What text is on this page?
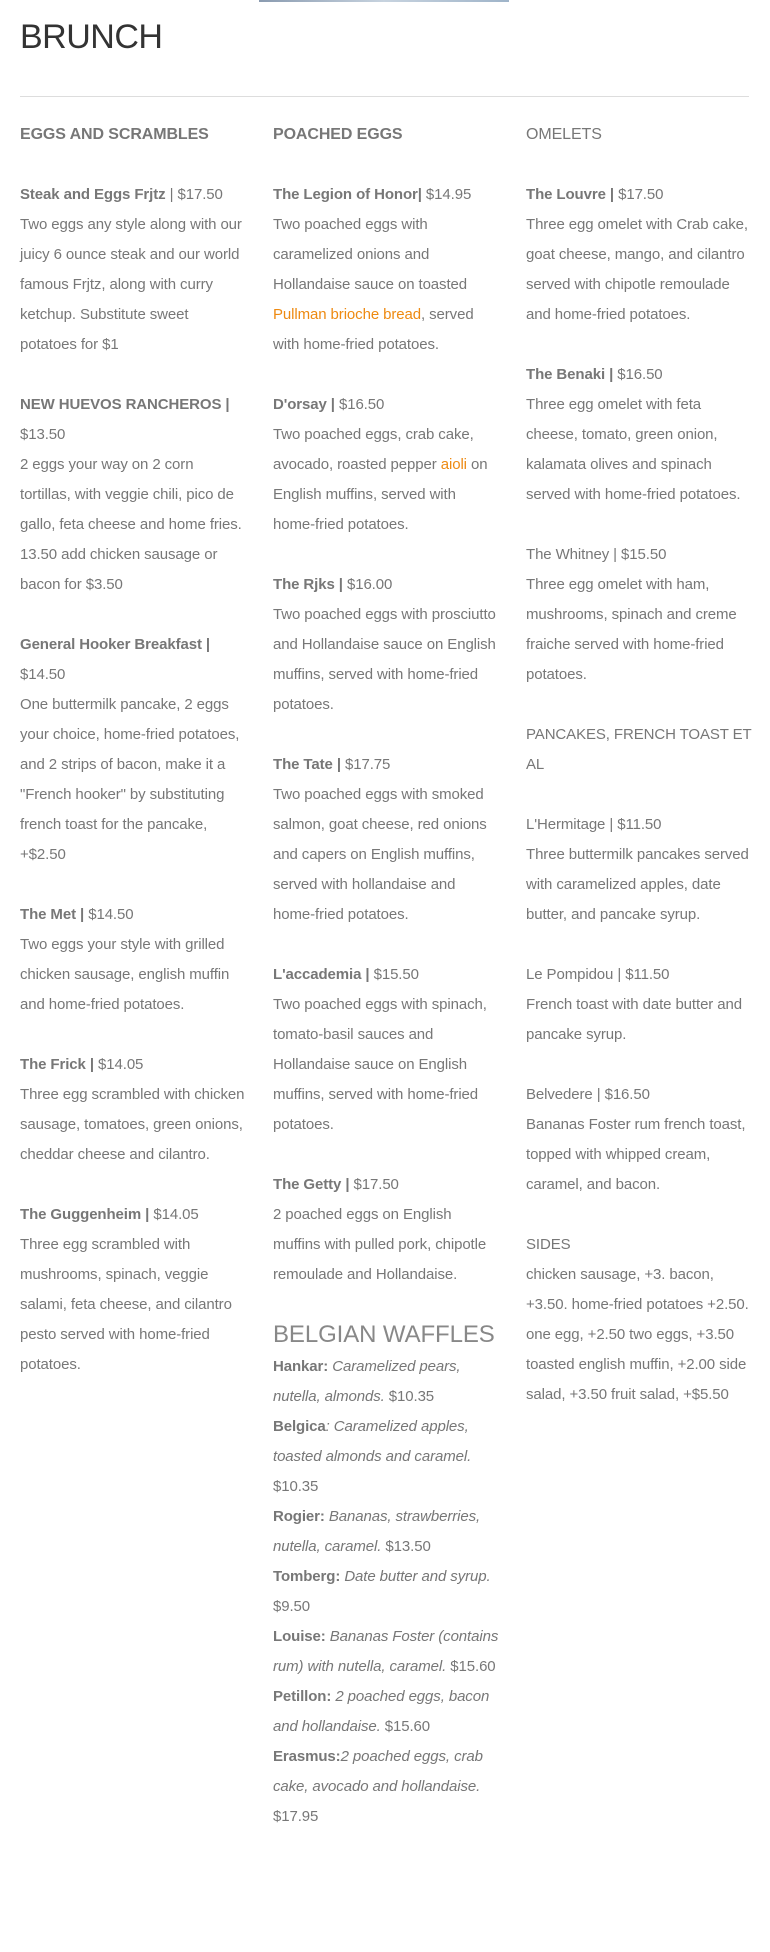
BRUNCH
EGGS AND SCRAMBLES
Steak and Eggs Frjtz | $17.50
Two eggs any style along with our juicy 6 ounce steak and our world famous Frjtz, along with curry ketchup. Substitute sweet potatoes for $1
NEW HUEVOS RANCHEROS | $13.50
2 eggs your way on 2 corn tortillas, with veggie chili, pico de gallo, feta cheese and home fries. 13.50 add chicken sausage or bacon for $3.50
General Hooker Breakfast | $14.50
One buttermilk pancake, 2 eggs your choice, home-fried potatoes, and 2 strips of bacon, make it a "French hooker" by substituting french toast for the pancake, +$2.50
The Met | $14.50
Two eggs your style with grilled chicken sausage, english muffin and home-fried potatoes.
The Frick | $14.05
Three egg scrambled with chicken sausage, tomatoes, green onions, cheddar cheese and cilantro.
The Guggenheim | $14.05
Three egg scrambled with mushrooms, spinach, veggie salami, feta cheese, and cilantro pesto served with home-fried potatoes.
POACHED EGGS
The Legion of Honor| $14.95
Two poached eggs with caramelized onions and Hollandaise sauce on toasted Pullman brioche bread, served with home-fried potatoes.
D'orsay | $16.50
Two poached eggs, crab cake, avocado, roasted pepper aioli on English muffins, served with home-fried potatoes.
The Rjks | $16.00
Two poached eggs with prosciutto and Hollandaise sauce on English muffins, served with home-fried potatoes.
The Tate | $17.75
Two poached eggs with smoked salmon, goat cheese, red onions and capers on English muffins, served with hollandaise and home-fried potatoes.
L'accademia | $15.50
Two poached eggs with spinach, tomato-basil sauces and Hollandaise sauce on English muffins, served with home-fried potatoes.
The Getty | $17.50
2 poached eggs on English muffins with pulled pork, chipotle remoulade and Hollandaise.
BELGIAN WAFFLES
Hankar: Caramelized pears, nutella, almonds. $10.35
Belgica: Caramelized apples, toasted almonds and caramel. $10.35
Rogier: Bananas, strawberries, nutella, caramel. $13.50
Tomberg: Date butter and syrup. $9.50
Louise: Bananas Foster (contains rum) with nutella, caramel. $15.60
Petillon: 2 poached eggs, bacon and hollandaise. $15.60
Erasmus:2 poached eggs, crab cake, avocado and hollandaise. $17.95
OMELETS
The Louvre | $17.50
Three egg omelet with Crab cake, goat cheese, mango, and cilantro served with chipotle remoulade and home-fried potatoes.
The Benaki | $16.50
Three egg omelet with feta cheese, tomato, green onion, kalamata olives and spinach served with home-fried potatoes.
The Whitney | $15.50
Three egg omelet with ham, mushrooms, spinach and creme fraiche served with home-fried potatoes.
PANCAKES, FRENCH TOAST ET AL
L'Hermitage | $11.50
Three buttermilk pancakes served with caramelized apples, date butter, and pancake syrup.
Le Pompidou | $11.50
French toast with date butter and pancake syrup.
Belvedere | $16.50
Bananas Foster rum french toast, topped with whipped cream, caramel, and bacon.
SIDES
chicken sausage, +3. bacon, +3.50. home-fried potatoes +2.50. one egg, +2.50 two eggs, +3.50 toasted english muffin, +2.00 side salad, +3.50 fruit salad, +$5.50
